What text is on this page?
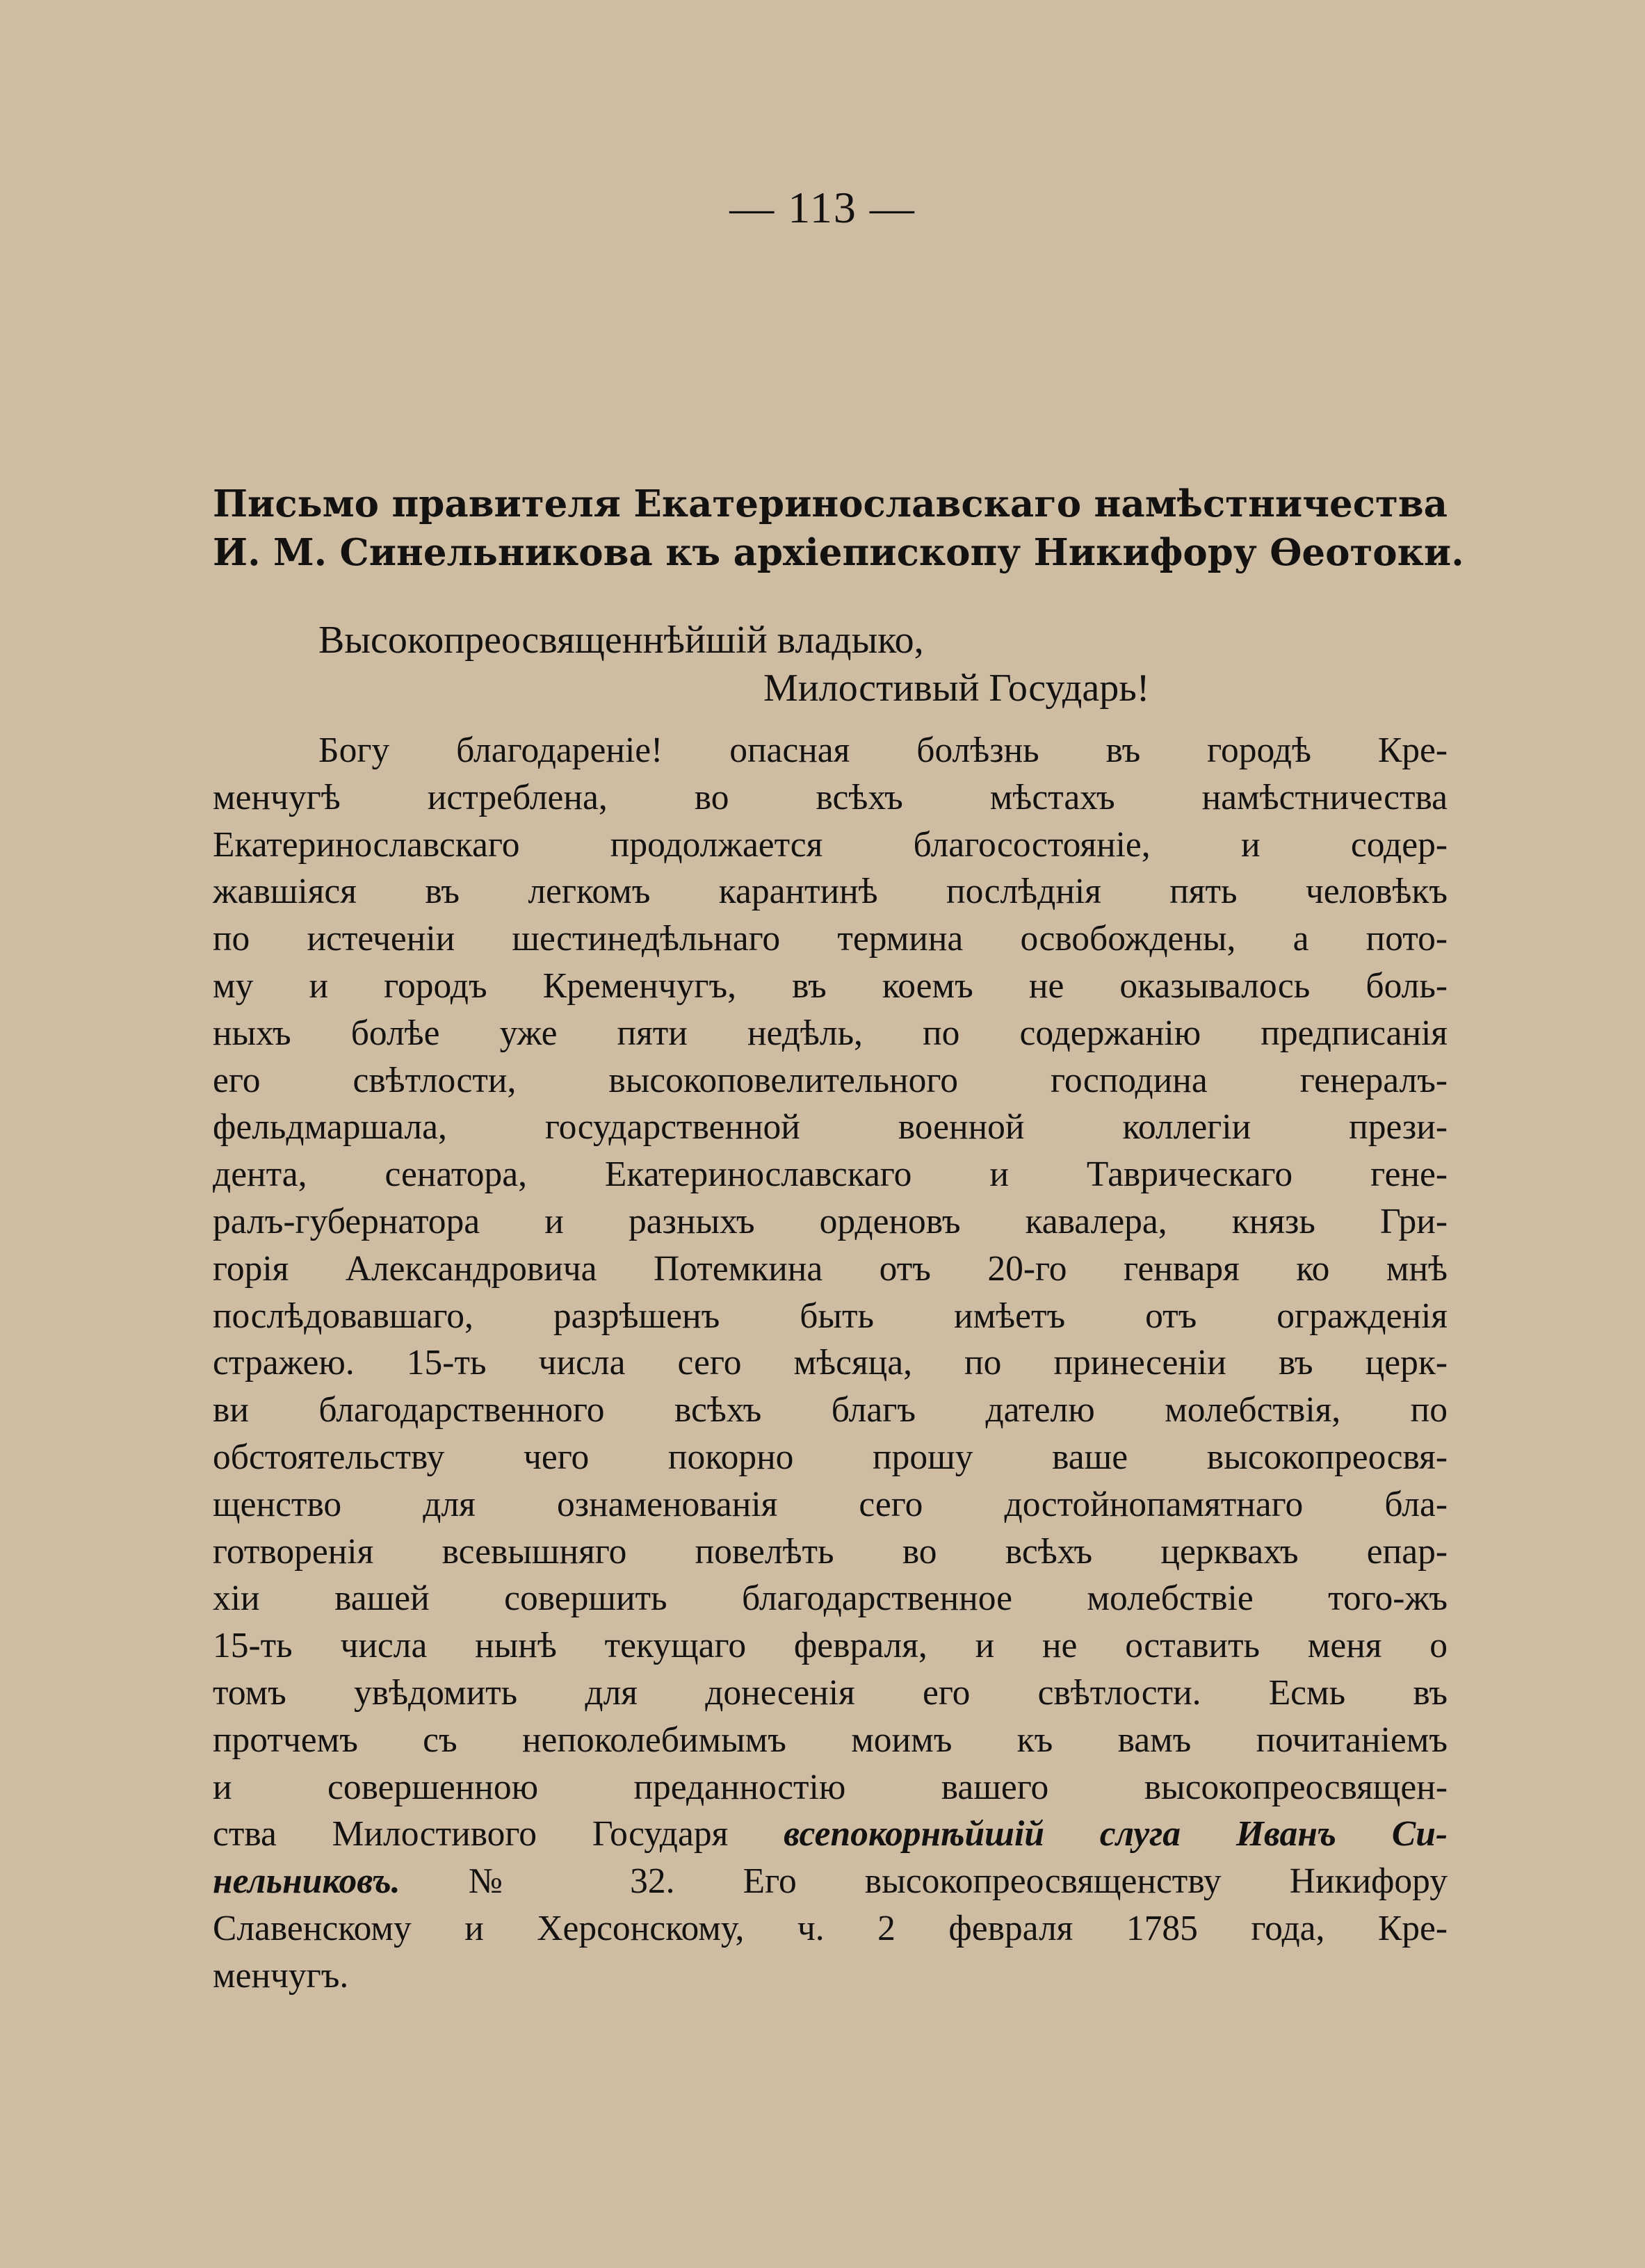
— 113 —
Письмо правителя Екатеринославскаго намѣстничества
И. М. Синельникова къ архіепископу Никифору Өеотоки.
Высокопреосвященнѣйшій владыко,
Милостивый Государь!
Богу благодареніе! опасная болѣзнь въ городѣ Кре-
менчугѣ истреблена, во всѣхъ мѣстахъ намѣстничества
Екатеринославскаго продолжается благосостояніе, и содер-
жавшіяся въ легкомъ карантинѣ послѣднія пять человѣкъ
по истеченіи шестинедѣльнаго термина освобождены, а пото-
му и городъ Кременчугъ, въ коемъ не оказывалось боль-
ныхъ болѣе уже пяти недѣль, по содержанію предписанія
его свѣтлости, высокоповелительного господина генералъ-
фельдмаршала, государственной военной коллегіи прези-
дента, сенатора, Екатеринославскаго и Таврическаго гене-
ралъ-губернатора и разныхъ орденовъ кавалера, князь Гри-
горія Александровича Потемкина отъ 20-го генваря ко мнѣ
послѣдовавшаго, разрѣшенъ быть имѣетъ отъ огражденія
стражею. 15-ть числа сего мѣсяца, по принесеніи въ церк-
ви благодарственного всѣхъ благъ дателю молебствія, по
обстоятельству чего покорно прошу ваше высокопреосвя-
щенство для ознаменованія сего достойнопамятнаго бла-
готворенія всевышняго повелѣть во всѣхъ церквахъ епар-
хіи вашей совершить благодарственное молебствіе того-жъ
15-ть числа нынѣ текущаго февраля, и не оставить меня о
томъ увѣдомить для донесенія его свѣтлости. Есмь въ
протчемъ съ непоколебимымъ моимъ къ вамъ почитаніемъ
и совершенною преданностію вашего высокопреосвящен-
ства Милостивого Государя всепокорнѣйшій слуга Иванъ Си-
нельниковъ. № 32. Его высокопреосвященству Никифору
Славенскому и Херсонскому, ч. 2 февраля 1785 года, Кре-
менчугъ.
